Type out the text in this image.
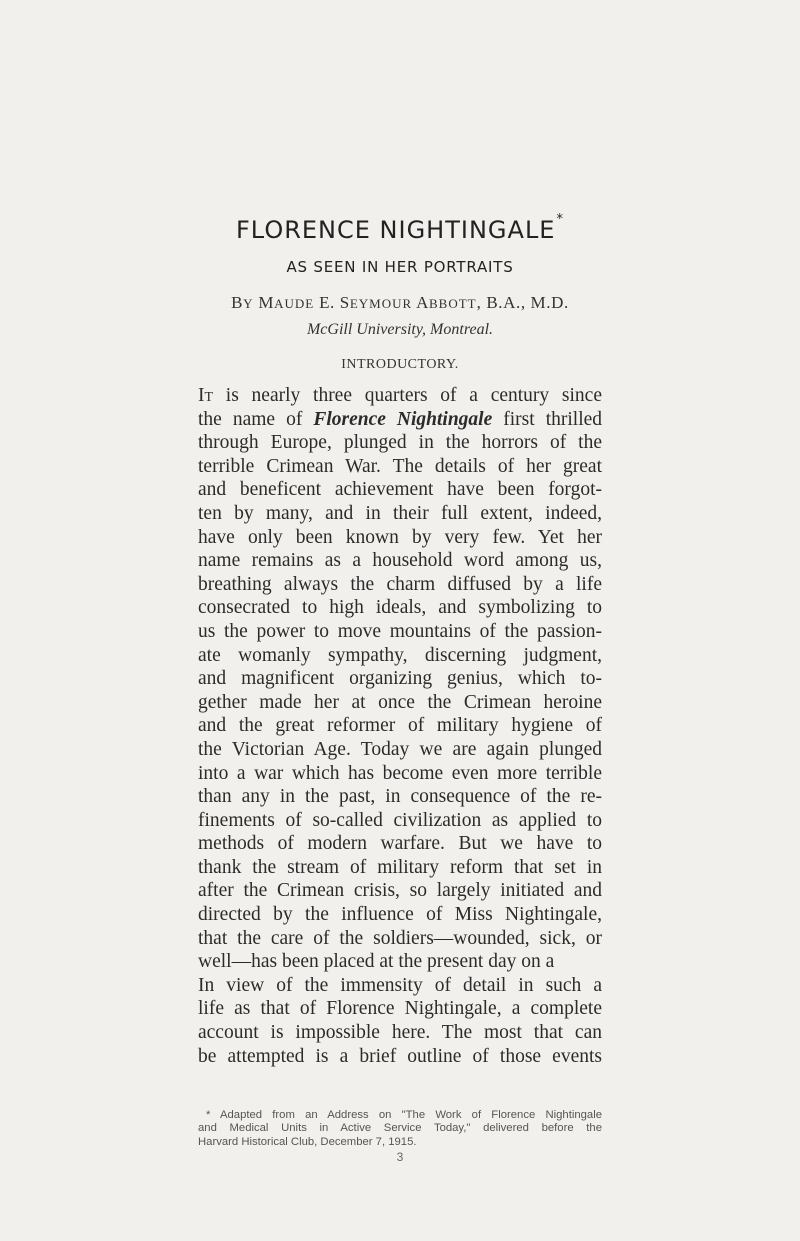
FLORENCE NIGHTINGALE*
AS SEEN IN HER PORTRAITS
BY MAUDE E. SEYMOUR ABBOTT, B.A., M.D.
McGill University, Montreal.
INTRODUCTORY.
It is nearly three quarters of a century since
the name of Florence Nightingale first thrilled
through Europe, plunged in the horrors of the
terrible Crimean War. The details of her great
and beneficent achievement have been forgot-
ten by many, and in their full extent, indeed,
have only been known by very few. Yet her
name remains as a household word among us,
breathing always the charm diffused by a life
consecrated to high ideals, and symbolizing to
us the power to move mountains of the passion-
ate womanly sympathy, discerning judgment,
and magnificent organizing genius, which to-
gether made her at once the Crimean heroine
and the great reformer of military hygiene of
the Victorian Age. Today we are again plunged
into a war which has become even more terrible
than any in the past, in consequence of the re-
finements of so-called civilization as applied to
methods of modern warfare. But we have to
thank the stream of military reform that set in
after the Crimean crisis, so largely initiated and
directed by the influence of Miss Nightingale,
that the care of the soldiers—wounded, sick, or
well—has been placed at the present day on a
In view of the immensity of detail in such a
life as that of Florence Nightingale, a complete
account is impossible here. The most that can
be attempted is a brief outline of those events
* Adapted from an Address on "The Work of Florence Nightingale
and Medical Units in Active Service Today," delivered before the
Harvard Historical Club, December 7, 1915.
3
